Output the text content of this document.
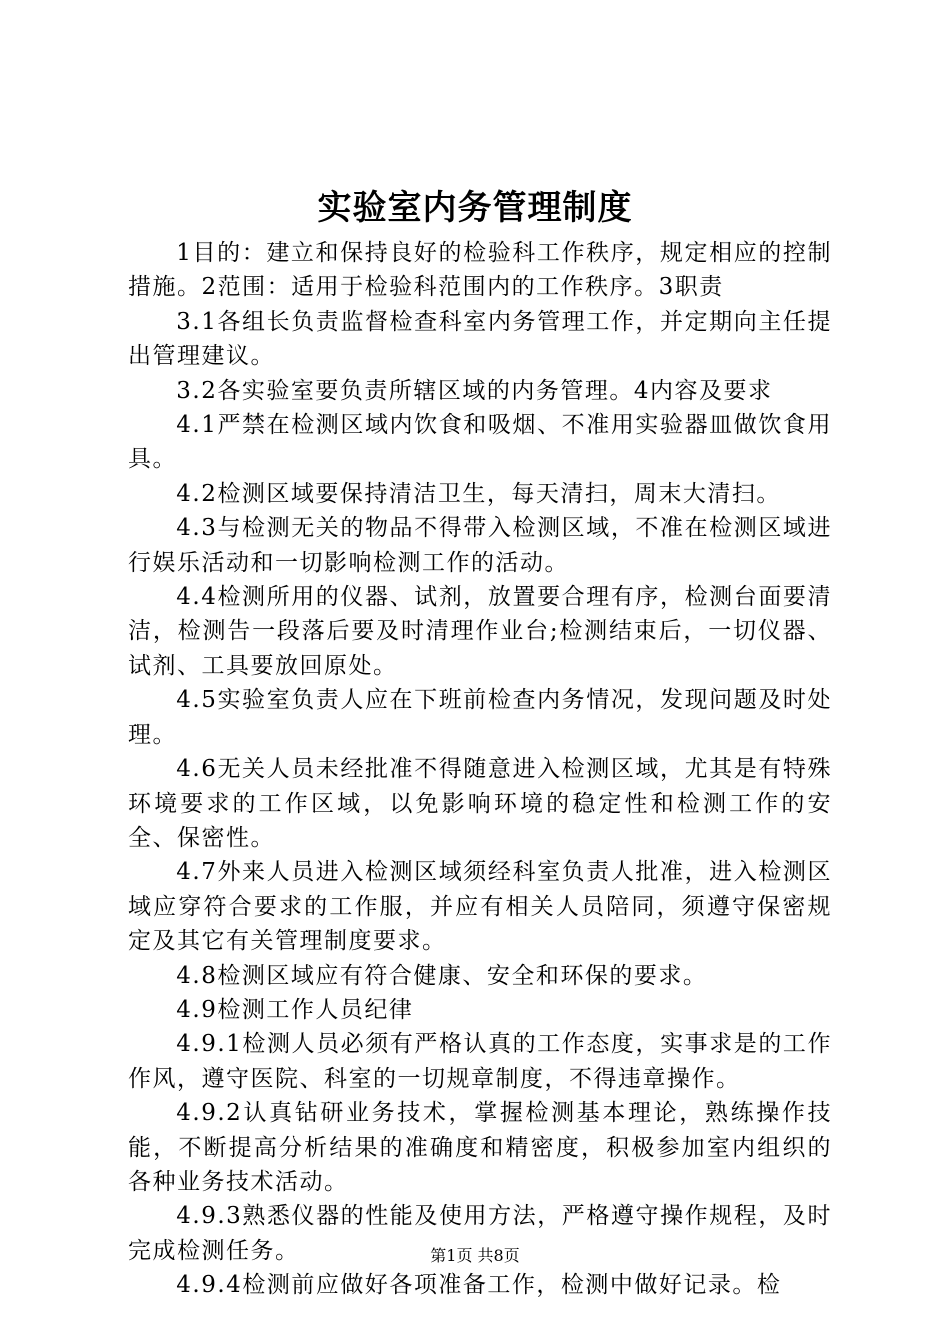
实验室内务管理制度

1目的：建立和保持良好的检验科工作秩序，规定相应的控制措施。2范围：适用于检验科范围内的工作秩序。3职责

3.1各组长负责监督检查科室内务管理工作，并定期向主任提出管理建议。

3.2各实验室要负责所辖区域的内务管理。4内容及要求

4.1严禁在检测区域内饮食和吸烟、不准用实验器皿做饮食用具。

4.2检测区域要保持清洁卫生，每天清扫，周末大清扫。

4.3与检测无关的物品不得带入检测区域，不准在检测区域进行娱乐活动和一切影响检测工作的活动。

4.4检测所用的仪器、试剂，放置要合理有序，检测台面要清洁，检测告一段落后要及时清理作业台;检测结束后，一切仪器、试剂、工具要放回原处。

4.5实验室负责人应在下班前检查内务情况，发现问题及时处理。

4.6无关人员未经批准不得随意进入检测区域，尤其是有特殊环境要求的工作区域，以免影响环境的稳定性和检测工作的安全、保密性。

4.7外来人员进入检测区域须经科室负责人批准，进入检测区域应穿符合要求的工作服，并应有相关人员陪同，须遵守保密规定及其它有关管理制度要求。

4.8检测区域应有符合健康、安全和环保的要求。

4.9检测工作人员纪律

4.9.1检测人员必须有严格认真的工作态度，实事求是的工作作风，遵守医院、科室的一切规章制度，不得违章操作。

4.9.2认真钻研业务技术，掌握检测基本理论，熟练操作技能，不断提高分析结果的准确度和精密度，积极参加室内组织的各种业务技术活动。

4.9.3熟悉仪器的性能及使用方法，严格遵守操作规程，及时完成检测任务。

4.9.4检测前应做好各项准备工作，检测中做好记录。检

第1页 共8页
